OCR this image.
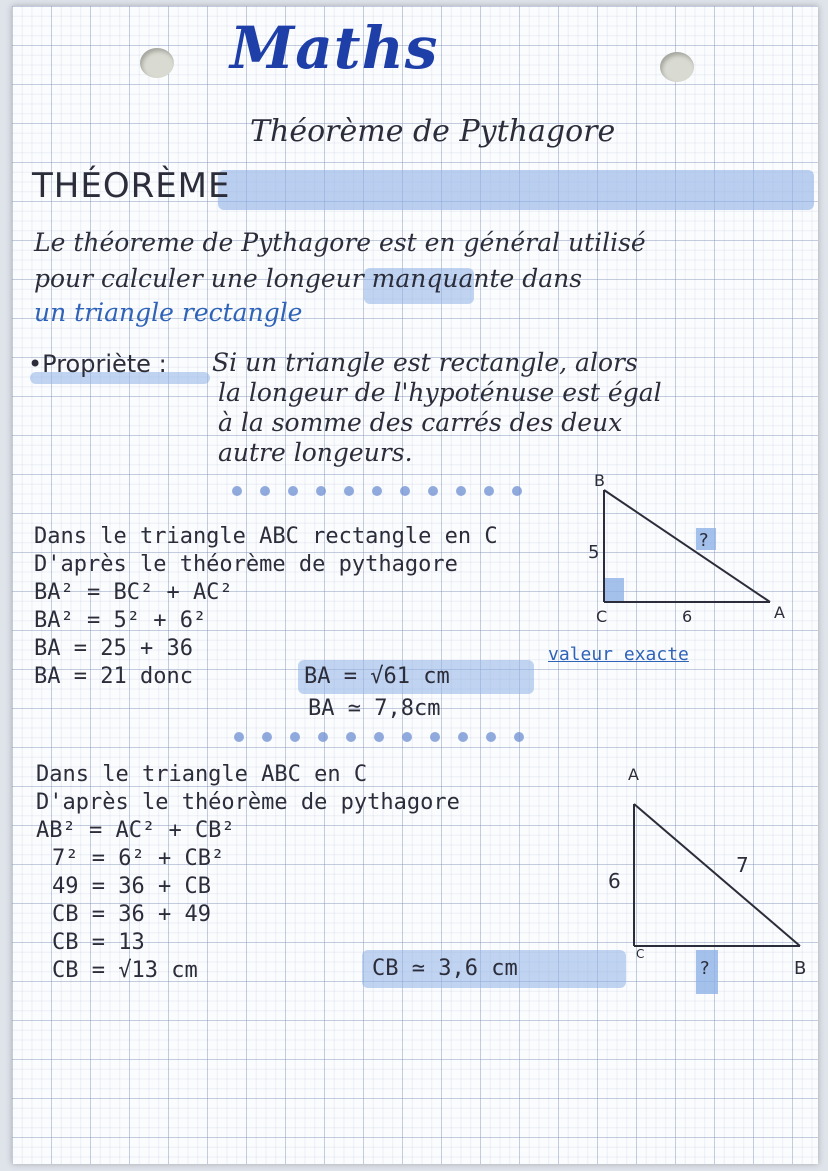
Maths
Théorème de Pythagore
THÉORÈME
Le théoreme de Pythagore est en général utilisé
pour calculer une longeur manquante dans
un triangle rectangle
•Propriète : Si un triangle est rectangle, alors
la longeur de l'hypoténuse est égal
à la somme des carrés des deux
autre longeurs.
Dans le triangle ABC rectangle en C
D'après le théorème de pythagore
BA² = BC² + AC²
BA² = 5² + 6²
BA = 25 + 36
BA = 21 donc	BA = √61 cm
BA ≃ 7,8cm
valeur exacte
B
C	A
5
6
?
Dans le triangle ABC en C
D'après le théorème de pythagore
AB² = AC² + CB²
7² = 6² + CB²
49 = 36 + CB
CB = 36 + 49
CB = 13
CB = √13 cm	CB ≃ 3,6 cm
A
C
B
6
7
?
